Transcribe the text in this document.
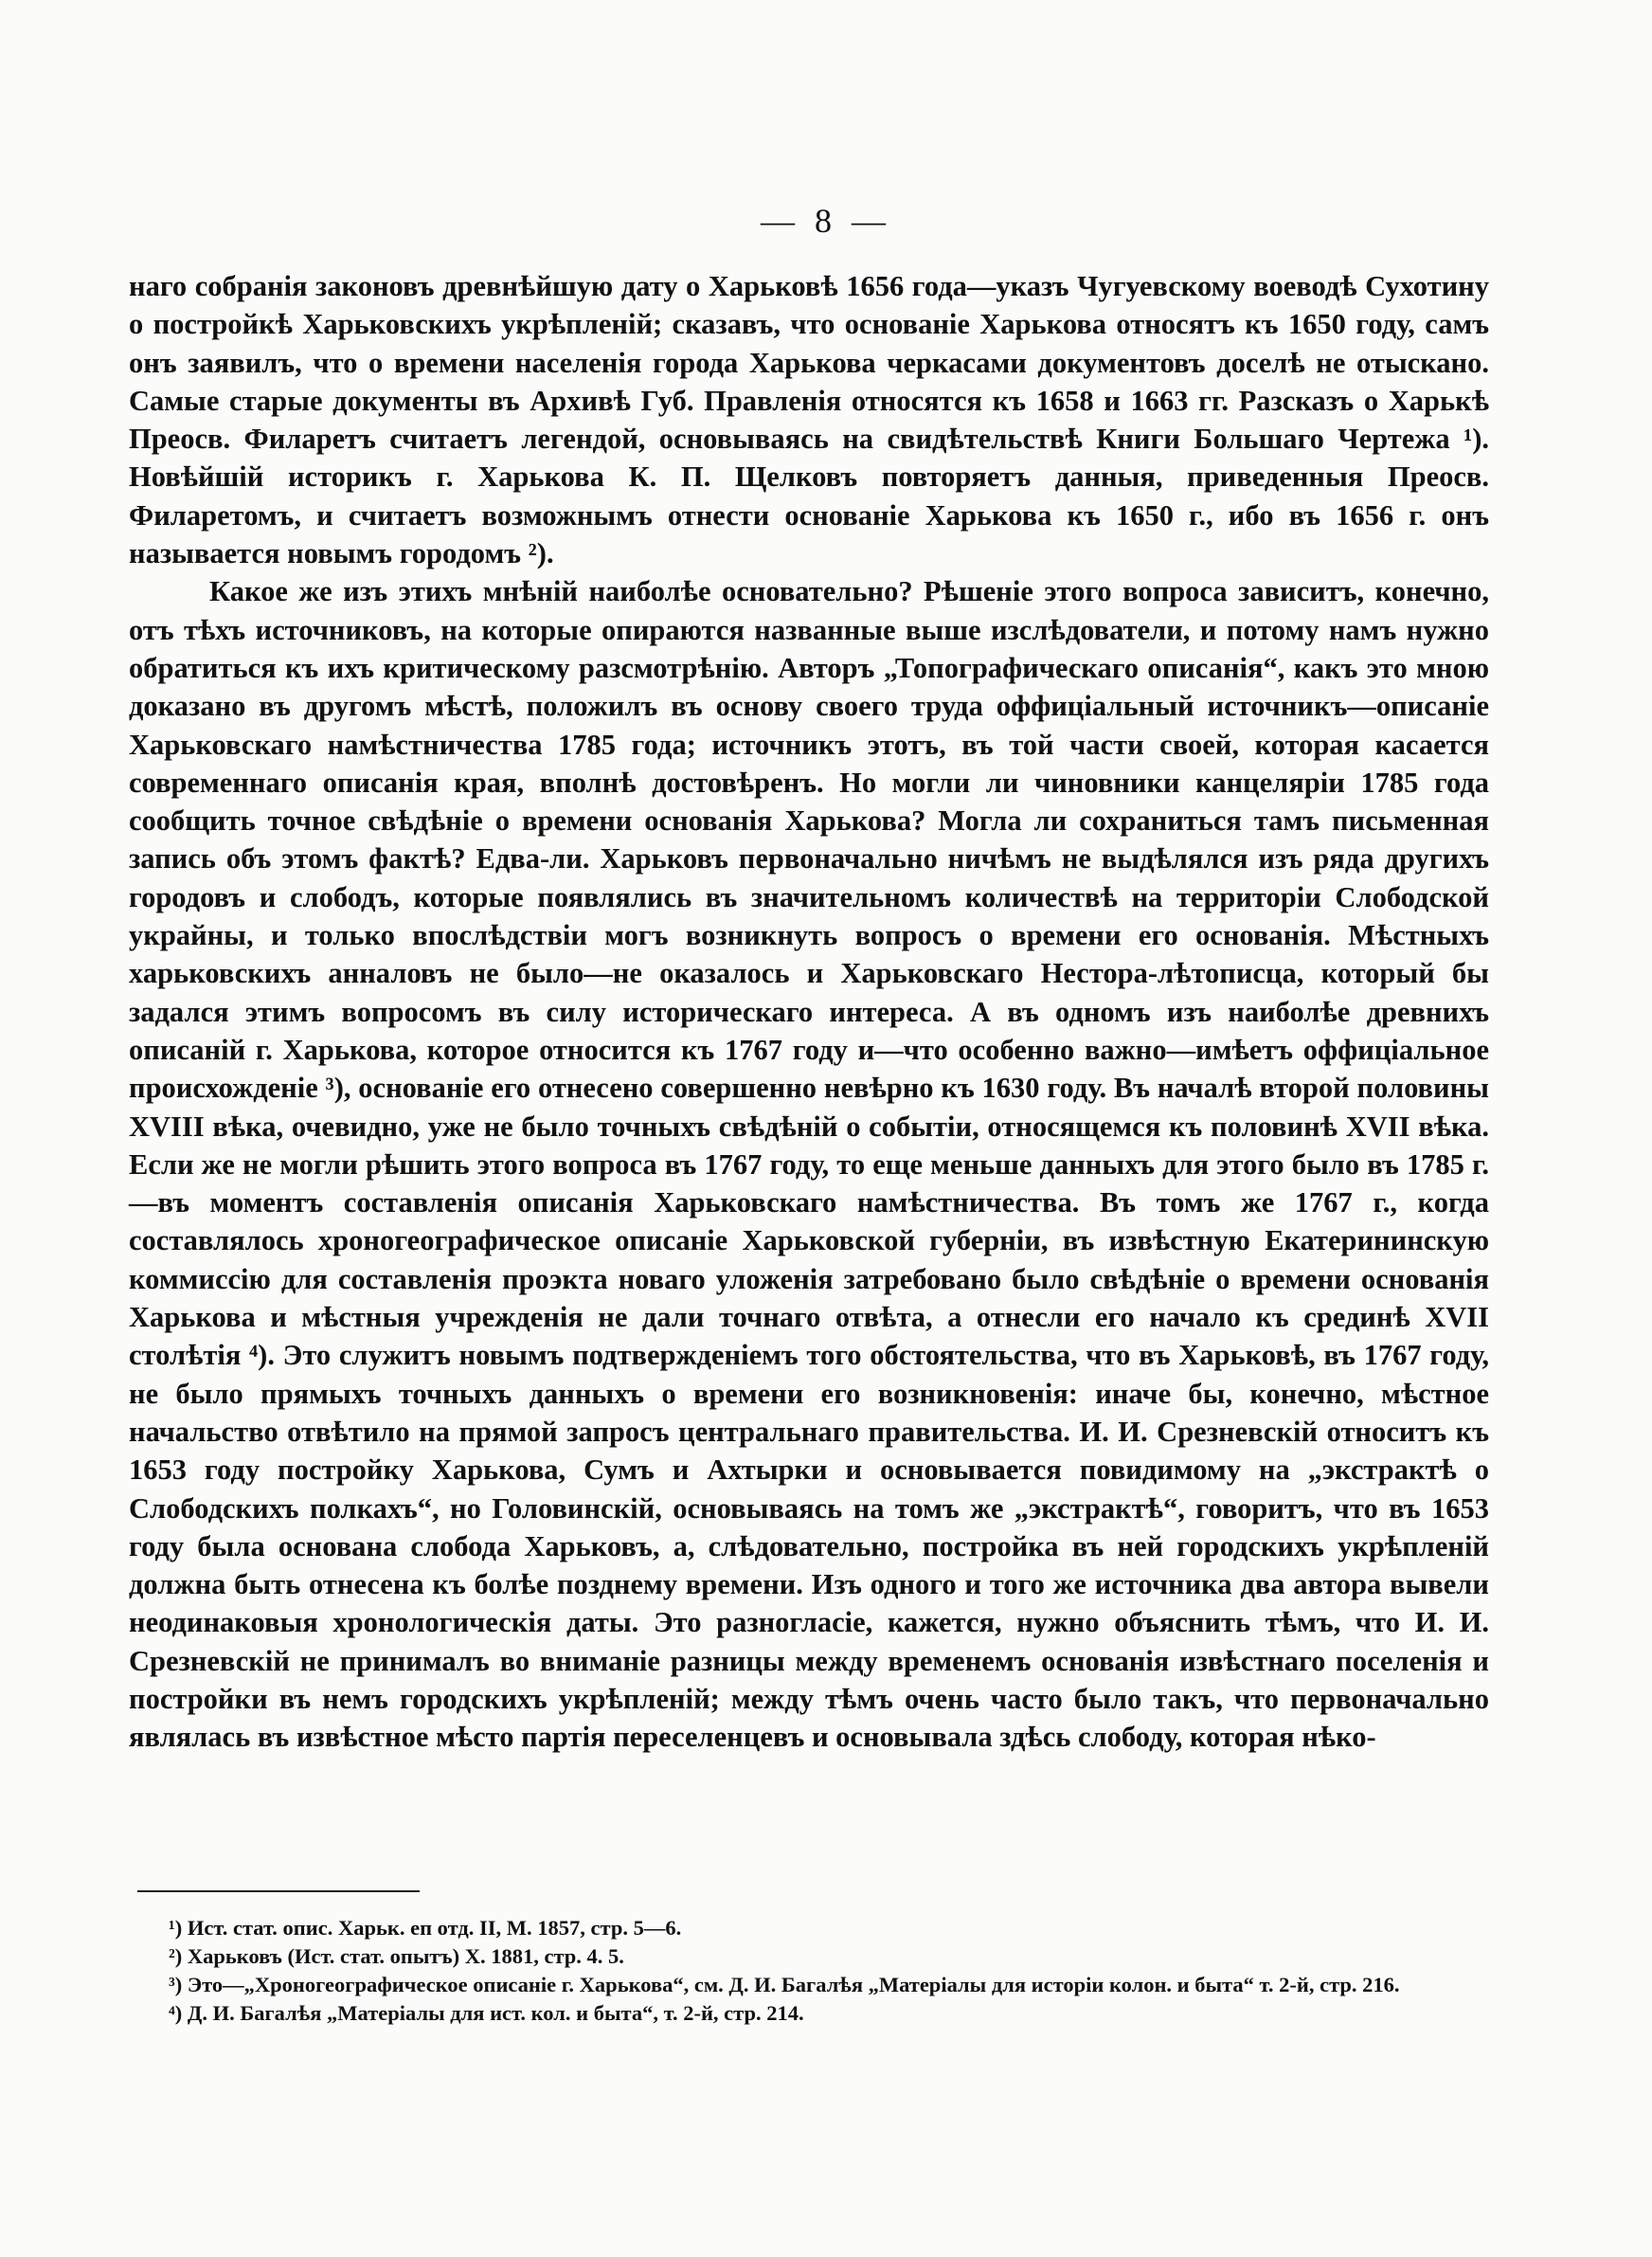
— 8 —

наго собранія законовъ древнѣйшую дату о Харьковѣ 1656 года—указъ Чугуевскому воеводѣ Сухотину о постройкѣ Харьковскихъ укрѣпленій; сказавъ, что основаніе Харькова относятъ къ 1650 году, самъ онъ заявилъ, что о времени населенія города Харькова черкасами документовъ доселѣ не отыскано. Самые старые документы въ Архивѣ Губ. Правленія относятся къ 1658 и 1663 гг. Разсказъ о Харькѣ Преосв. Филаретъ считаетъ легендой, основываясь на свидѣтельствѣ Книги Большаго Чертежа ¹). Новѣйшій историкъ г. Харькова К. П. Щелковъ повторяетъ данныя, приведенныя Преосв. Филаретомъ, и считаетъ возможнымъ отнести основаніе Харькова къ 1650 г., ибо въ 1656 г. онъ называется новымъ городомъ ²).

Какое же изъ этихъ мнѣній наиболѣе основательно? Рѣшеніе этого вопроса зависитъ, конечно, отъ тѣхъ источниковъ, на которые опираются названные выше изслѣдователи, и потому намъ нужно обратиться къ ихъ критическому разсмотрѣнію. Авторъ „Топографическаго описанія“, какъ это мною доказано въ другомъ мѣстѣ, положилъ въ основу своего труда оффиціальный источникъ—описаніе Харьковскаго намѣстничества 1785 года; источникъ этотъ, въ той части своей, которая касается современнаго описанія края, вполнѣ достовѣренъ. Но могли ли чиновники канцеляріи 1785 года сообщить точное свѣдѣніе о времени основанія Харькова? Могла ли сохраниться тамъ письменная запись объ этомъ фактѣ? Едва-ли. Харьковъ первоначально ничѣмъ не выдѣлялся изъ ряда другихъ городовъ и слободъ, которые появлялись въ значительномъ количествѣ на территоріи Слободской украйны, и только впослѣдствіи могъ возникнуть вопросъ о времени его основанія. Мѣстныхъ харьковскихъ анналовъ не было—не оказалось и Харьковскаго Нестора-лѣтописца, который бы задался этимъ вопросомъ въ силу историческаго интереса. А въ одномъ изъ наиболѣе древнихъ описаній г. Харькова, которое относится къ 1767 году и—что особенно важно—имѣетъ оффиціальное происхожденіе ³), основаніе его отнесено совершенно невѣрно къ 1630 году. Въ началѣ второй половины XVIII вѣка, очевидно, уже не было точныхъ свѣдѣній о событіи, относящемся къ половинѣ XVII вѣка. Если же не могли рѣшить этого вопроса въ 1767 году, то еще меньше данныхъ для этого было въ 1785 г.—въ моментъ составленія описанія Харьковскаго намѣстничества. Въ томъ же 1767 г., когда составлялось хроногеографическое описаніе Харьковской губерніи, въ извѣстную Екатерининскую коммиссію для составленія проэкта новаго уложенія затребовано было свѣдѣніе о времени основанія Харькова и мѣстныя учрежденія не дали точнаго отвѣта, а отнесли его начало къ срединѣ XVII столѣтія ⁴). Это служитъ новымъ подтвержденіемъ того обстоятельства, что въ Харьковѣ, въ 1767 году, не было прямыхъ точныхъ данныхъ о времени его возникновенія: иначе бы, конечно, мѣстное начальство отвѣтило на прямой запросъ центральнаго правительства. И. И. Срезневскій относитъ къ 1653 году постройку Харькова, Сумъ и Ахтырки и основывается повидимому на „экстрактѣ о Слободскихъ полкахъ“, но Головинскій, основываясь на томъ же „экстрактѣ“, говоритъ, что въ 1653 году была основана слобода Харьковъ, а, слѣдовательно, постройка въ ней городскихъ укрѣпленій должна быть отнесена къ болѣе позднему времени. Изъ одного и того же источника два автора вывели неодинаковыя хронологическія даты. Это разногласіе, кажется, нужно объяснить тѣмъ, что И. И. Срезневскій не принималъ во вниманіе разницы между временемъ основанія извѣстнаго поселенія и постройки въ немъ городскихъ укрѣпленій; между тѣмъ очень часто было такъ, что первоначально являлась въ извѣстное мѣсто партія переселенцевъ и основывала здѣсь слободу, которая нѣко-

¹) Ист. стат. опис. Харьк. еп отд. II, М. 1857, стр. 5—6.

²) Харьковъ (Ист. стат. опытъ) X. 1881, стр. 4. 5.

³) Это—„Хроногеографическое описаніе г. Харькова“, см. Д. И. Багалѣя „Матеріалы для исторіи колон. и быта“ т. 2-й, стр. 216.

⁴) Д. И. Багалѣя „Матеріалы для ист. кол. и быта“, т. 2-й, стр. 214.
